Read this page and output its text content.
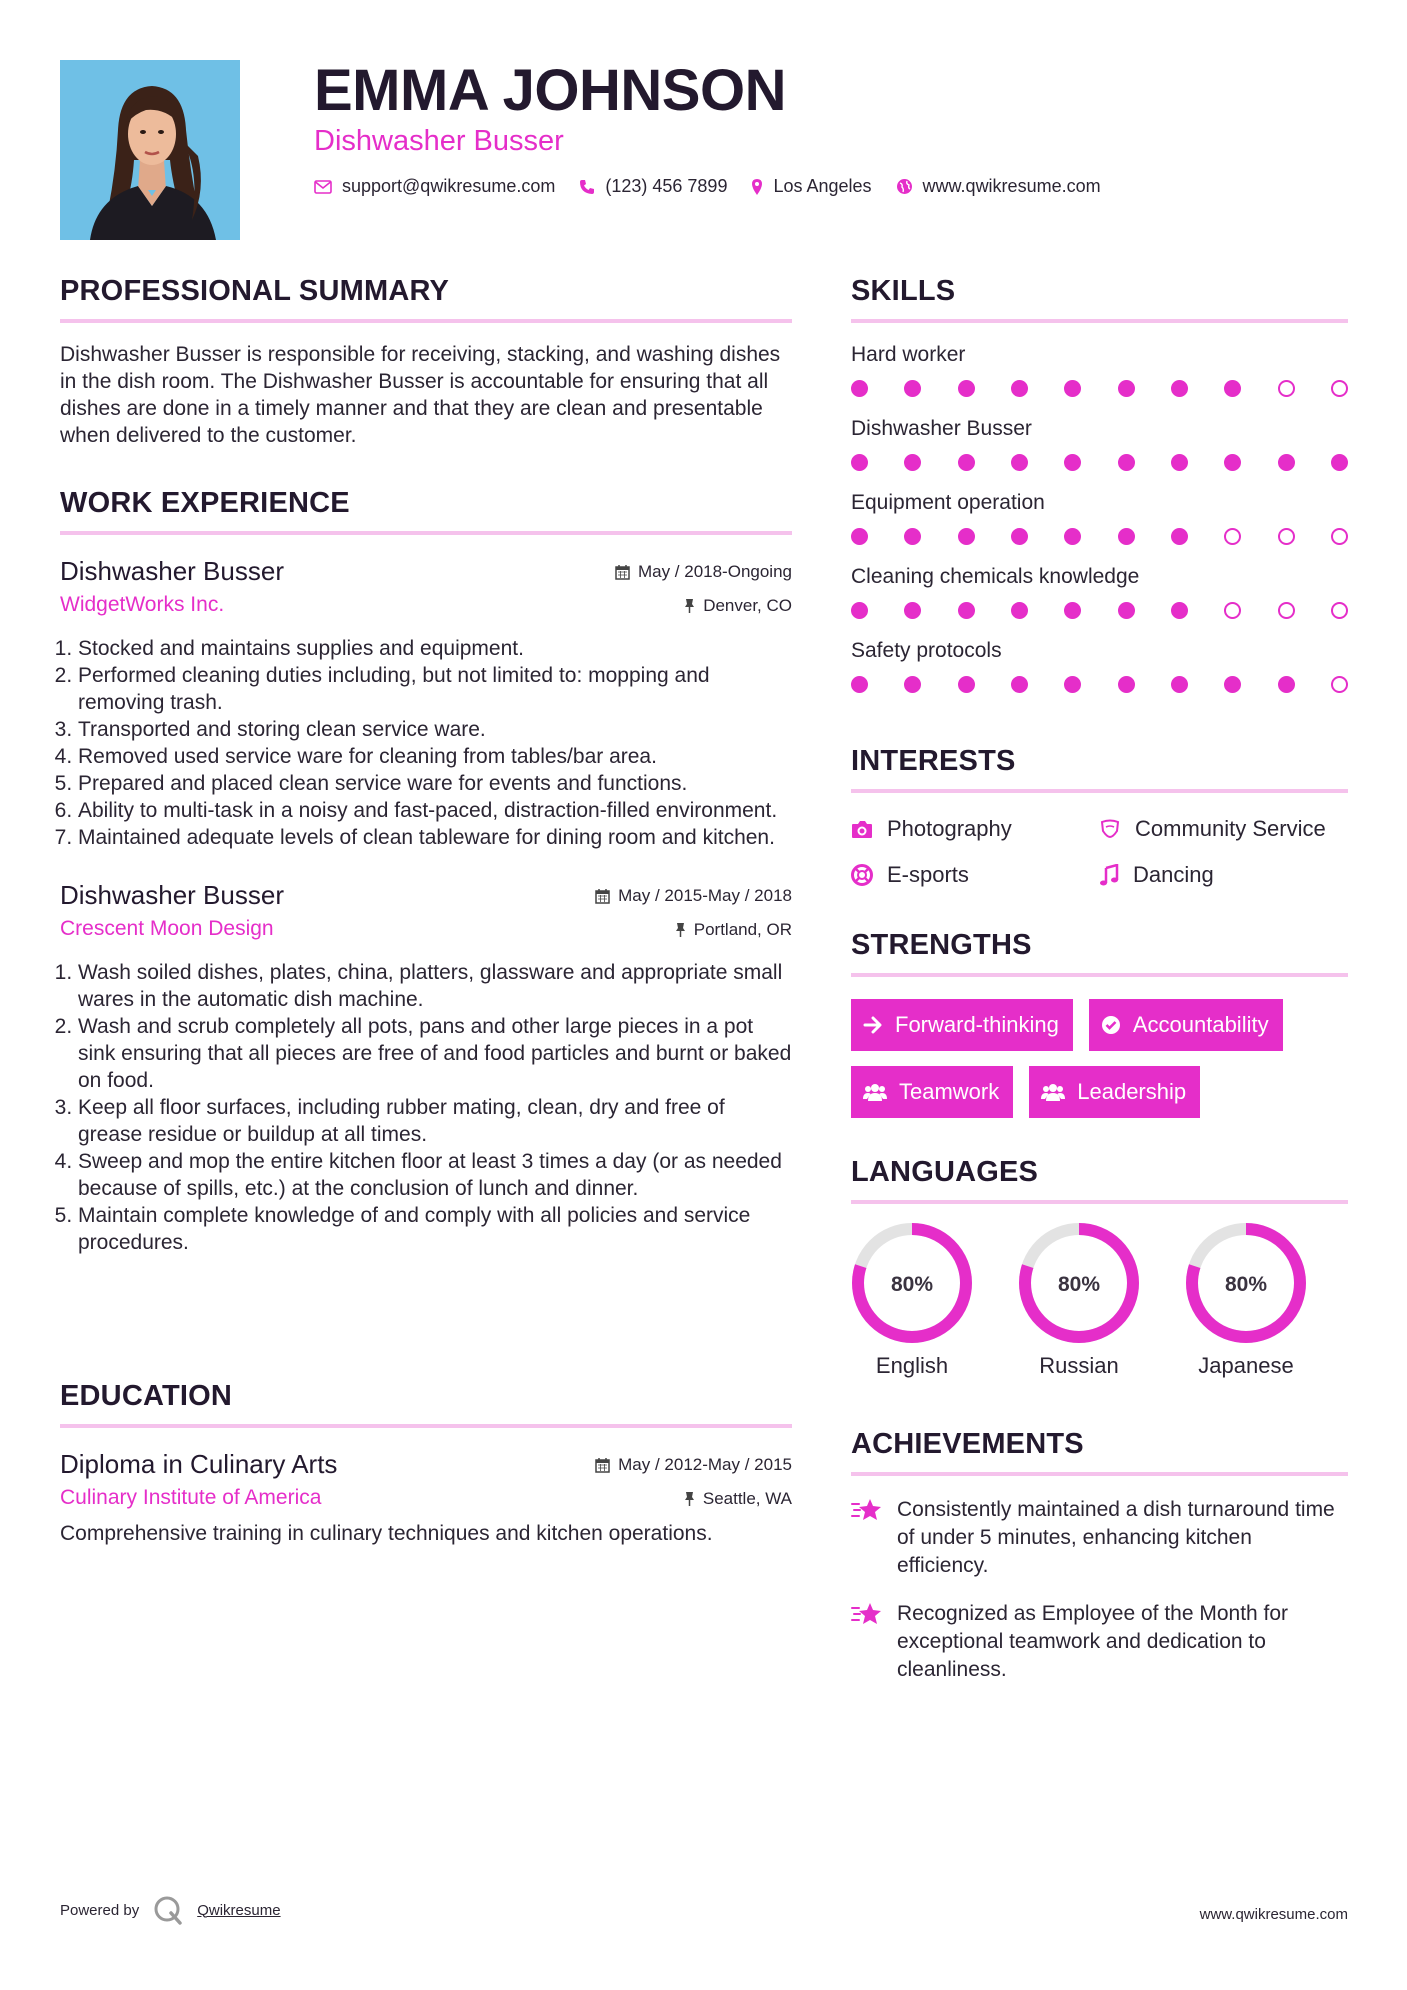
EMMA JOHNSON
Dishwasher Busser
support@qwikresume.com	(123) 456 7899	Los Angeles	www.qwikresume.com
PROFESSIONAL SUMMARY

Dishwasher Busser is responsible for receiving, stacking, and washing dishes in the dish room. The Dishwasher Busser is accountable for ensuring that all dishes are done in a timely manner and that they are clean and presentable when delivered to the customer.

WORK EXPERIENCE
Dishwasher Busser
WidgetWorks Inc.
May / 2018-Ongoing
Denver, CO
1. Stocked and maintains supplies and equipment.
2. Performed cleaning duties including, but not limited to: mopping and removing trash.
3. Transported and storing clean service ware.
4. Removed used service ware for cleaning from tables/bar area.
5. Prepared and placed clean service ware for events and functions.
6. Ability to multi-task in a noisy and fast-paced, distraction-filled environment.
7. Maintained adequate levels of clean tableware for dining room and kitchen.
Dishwasher Busser
Crescent Moon Design
May / 2015-May / 2018
Portland, OR
1. Wash soiled dishes, plates, china, platters, glassware and appropriate small wares in the automatic dish machine.
2. Wash and scrub completely all pots, pans and other large pieces in a pot sink ensuring that all pieces are free of and food particles and burnt or baked on food.
3. Keep all floor surfaces, including rubber mating, clean, dry and free of grease residue or buildup at all times.
4. Sweep and mop the entire kitchen floor at least 3 times a day (or as needed because of spills, etc.) at the conclusion of lunch and dinner.
5. Maintain complete knowledge of and comply with all policies and service procedures.
EDUCATION
Diploma in Culinary Arts
Culinary Institute of America
May / 2012-May / 2015
Seattle, WA

Comprehensive training in culinary techniques and kitchen operations.

SKILLS
Hard worker
Dishwasher Busser
Equipment operation
Cleaning chemicals knowledge
Safety protocols
INTERESTS
Photography	Community Service
E-sports	Dancing
STRENGTHS
Forward-thinking	Accountability
Teamwork	Leadership
LANGUAGES
80%
English
80%
Russian
80%
Japanese
ACHIEVEMENTS
Consistently maintained a dish turnaround time of under 5 minutes, enhancing kitchen efficiency.
Recognized as Employee of the Month for exceptional teamwork and dedication to cleanliness.
Powered by	Qwikresume	www.qwikresume.com
